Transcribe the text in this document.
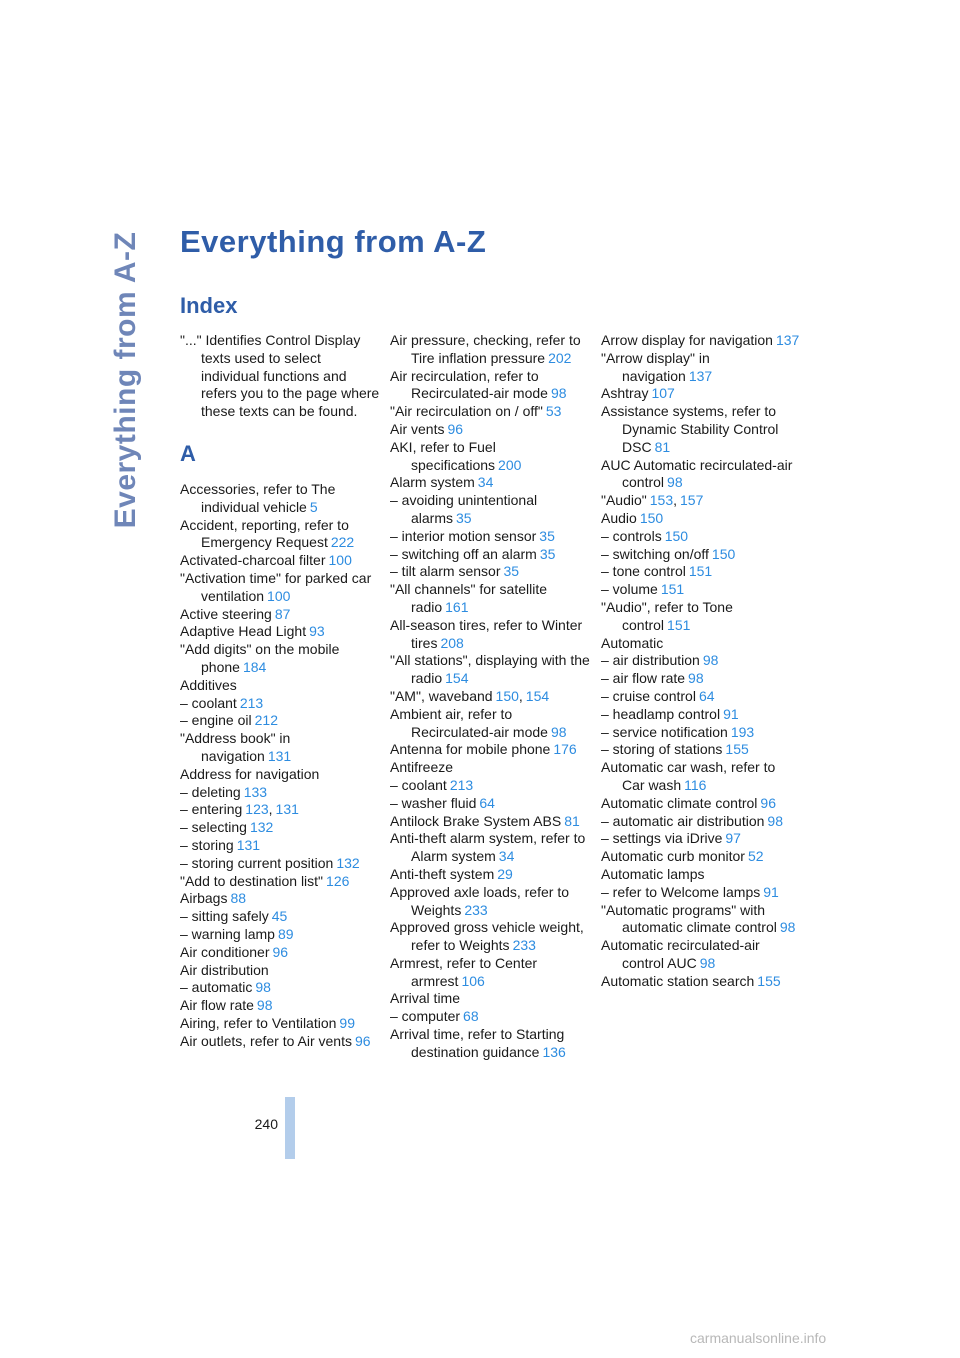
Everything from A-Z Everything from A-Z
Index
"..." Identifies Control Display texts used to select individual functions and refers you to the page where these texts can be found.
A
Accessories, refer to The individual vehicle 5
Accident, reporting, refer to Emergency Request 222
Activated-charcoal filter 100
"Activation time" for parked car ventilation 100
Active steering 87
Adaptive Head Light 93
"Add digits" on the mobile phone 184
Additives
– coolant 213
– engine oil 212
"Address book" in navigation 131
Address for navigation
– deleting 133
– entering 123, 131
– selecting 132
– storing 131
– storing current position 132
"Add to destination list" 126
Airbags 88
– sitting safely 45
– warning lamp 89
Air conditioner 96
Air distribution
– automatic 98
Air flow rate 98
Airing, refer to Ventilation 99
Air outlets, refer to Air vents 96
Air pressure, checking, refer to Tire inflation pressure 202
Air recirculation, refer to Recirculated-air mode 98
"Air recirculation on / off" 53
Air vents 96
AKI, refer to Fuel specifications 200
Alarm system 34
– avoiding unintentional alarms 35
– interior motion sensor 35
– switching off an alarm 35
– tilt alarm sensor 35
"All channels" for satellite radio 161
All-season tires, refer to Winter tires 208
"All stations", displaying with the radio 154
"AM", waveband 150, 154
Ambient air, refer to Recirculated-air mode 98
Antenna for mobile phone 176
Antifreeze
– coolant 213
– washer fluid 64
Antilock Brake System ABS 81
Anti-theft alarm system, refer to Alarm system 34
Anti-theft system 29
Approved axle loads, refer to Weights 233
Approved gross vehicle weight, refer to Weights 233
Armrest, refer to Center armrest 106
Arrival time
– computer 68
Arrival time, refer to Starting destination guidance 136
Arrow display for navigation 137
"Arrow display" in navigation 137
Ashtray 107
Assistance systems, refer to Dynamic Stability Control DSC 81
AUC Automatic recirculated-air control 98
"Audio" 153, 157
Audio 150
– controls 150
– switching on/off 150
– tone control 151
– volume 151
"Audio", refer to Tone control 151
Automatic
– air distribution 98
– air flow rate 98
– cruise control 64
– headlamp control 91
– service notification 193
– storing of stations 155
Automatic car wash, refer to Car wash 116
Automatic climate control 96
– automatic air distribution 98
– settings via iDrive 97
Automatic curb monitor 52
Automatic lamps
– refer to Welcome lamps 91
"Automatic programs" with automatic climate control 98
Automatic recirculated-air control AUC 98
Automatic station search 155
240
carmanualsonline.info
